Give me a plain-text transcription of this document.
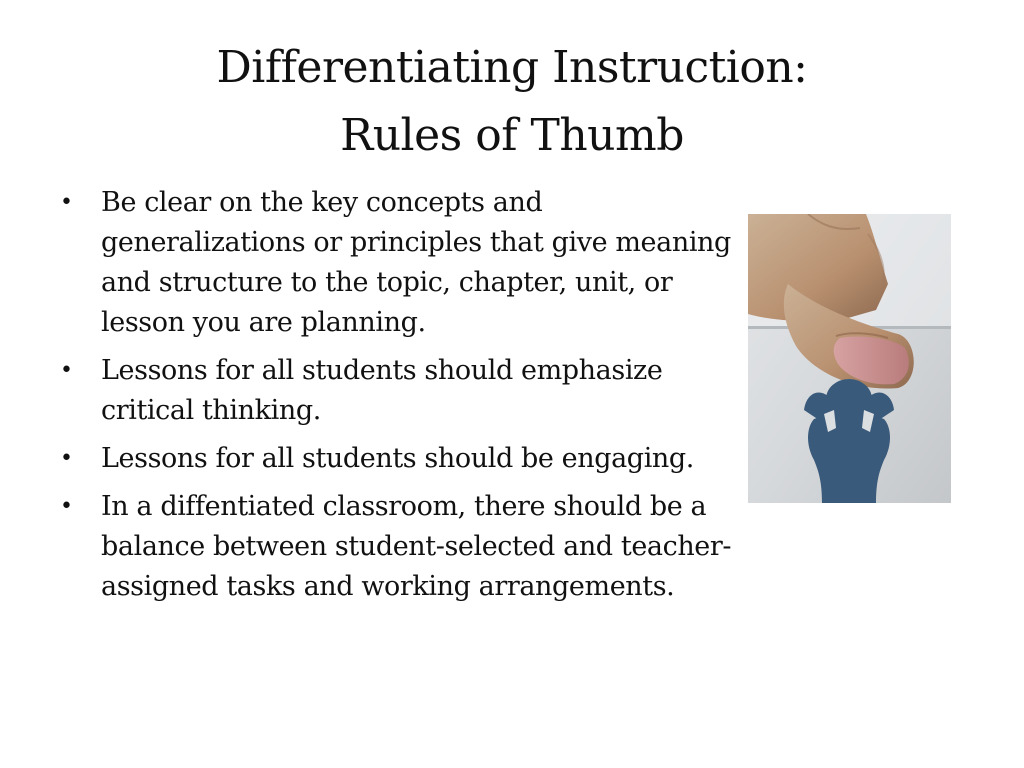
Differentiating Instruction:
Rules of Thumb
• Be clear on the key concepts and generalizations or principles that give meaning and structure to the topic, chapter, unit, or lesson you are planning.
• Lessons for all students should emphasize critical thinking.
• Lessons for all students should be engaging.
• In a diffentiated classroom, there should be a balance between student-selected and teacher-assigned tasks and working arrangements.
